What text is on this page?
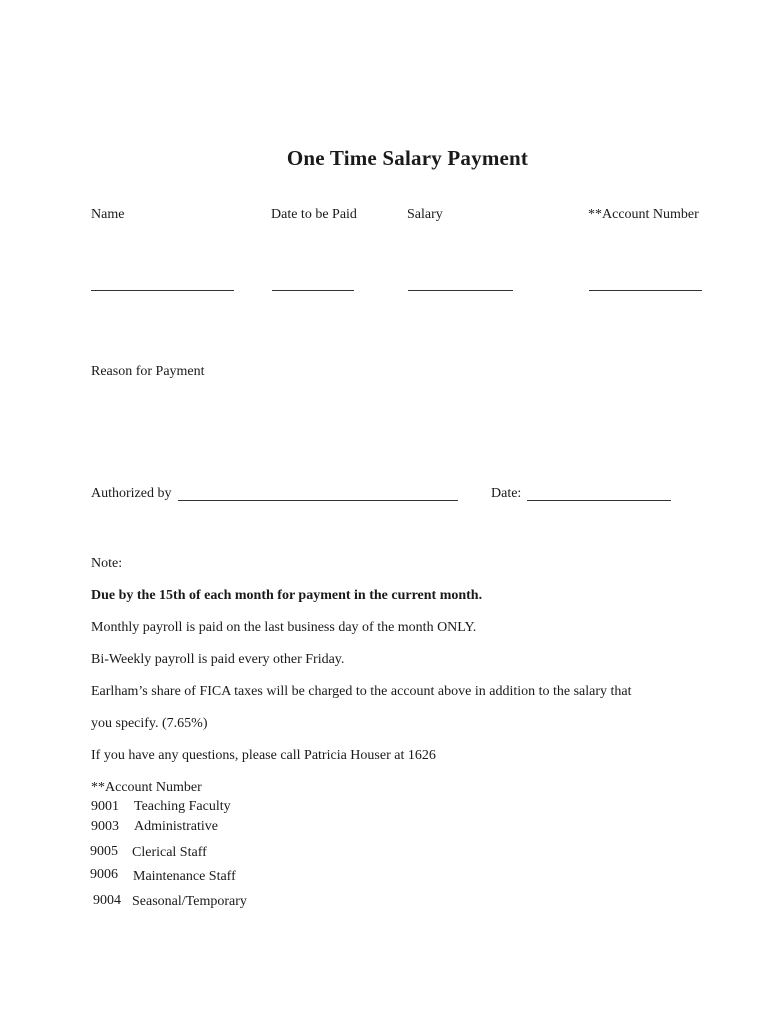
One Time Salary Payment
Name	Date to be Paid	Salary	**Account Number
Reason for Payment
Authorized by	Date:
Note:
Due by the 15th of each month for payment in the current month.
Monthly payroll is paid on the last business day of the month ONLY.
Bi-Weekly payroll is paid every other Friday.
Earlham’s share of FICA taxes will be charged to the account above in addition to the salary that
you specify. (7.65%)
If you have any questions, please call Patricia Houser at 1626
**Account Number
9001 Teaching Faculty
9003 Administrative
9005 Clerical Staff
9006 Maintenance Staff
9004 Seasonal/Temporary
